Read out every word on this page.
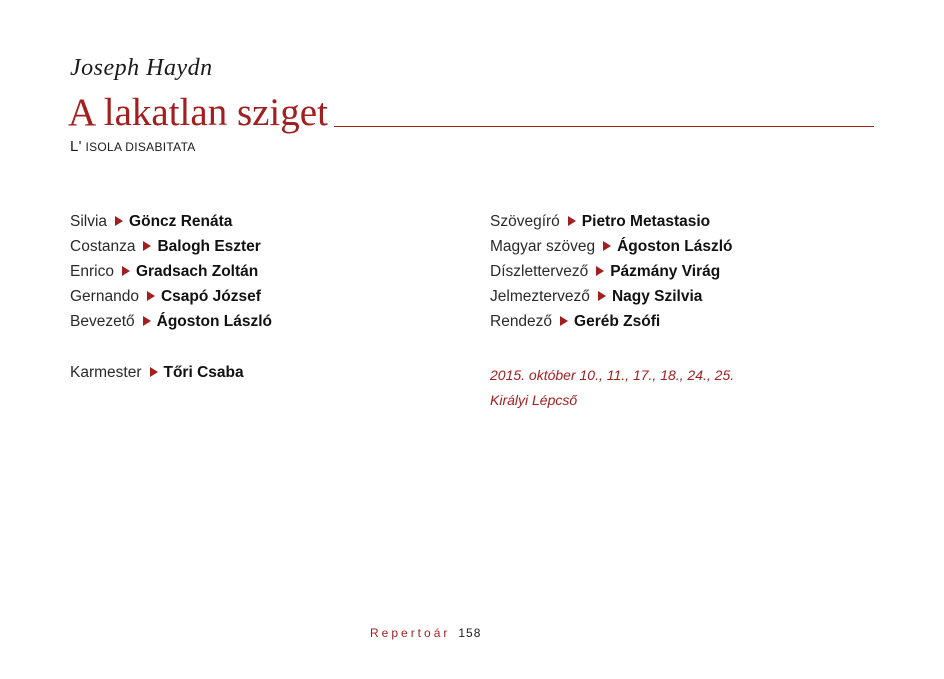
Joseph Haydn
A lakatlan sziget
L' ISOLA DISABITATA
Silvia Göncz Renáta
Costanza Balogh Eszter
Enrico Gradsach Zoltán
Gernando Csapó József
Bevezető Ágoston László
Karmester Tőri Csaba
Szövegíró Pietro Metastasio
Magyar szöveg Ágoston László
Díszlettervező Pázmány Virág
Jelmeztervező Nagy Szilvia
Rendező Geréb Zsófi
2015. október 10., 11., 17., 18., 24., 25.
Királyi Lépcső
Repertoár 158
